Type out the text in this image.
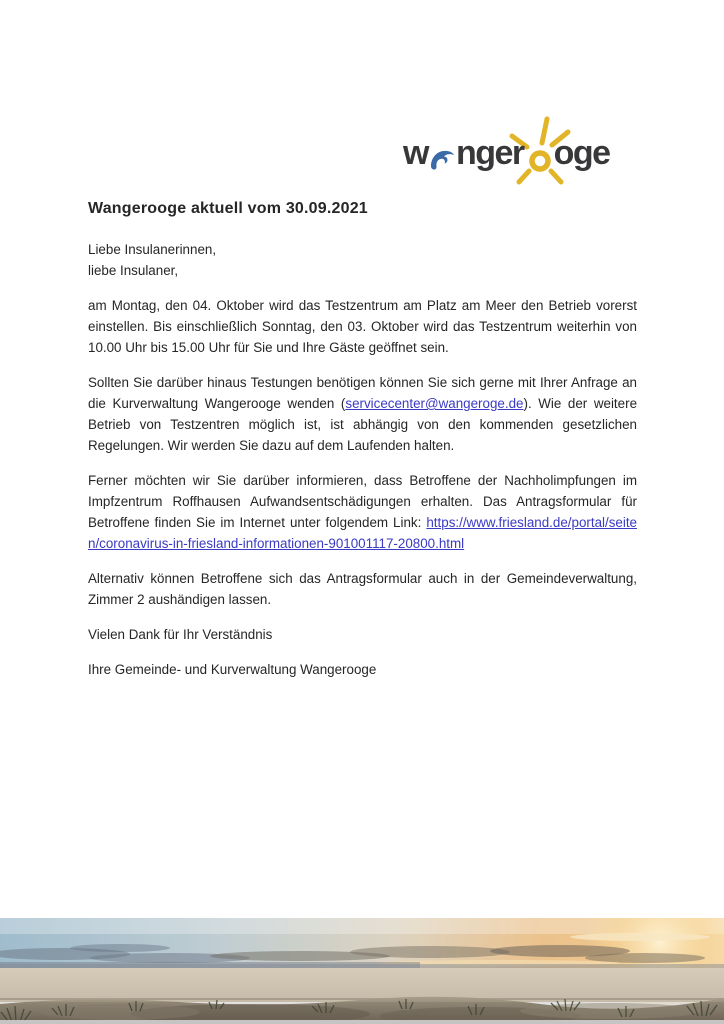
w nger oge
Wangerooge aktuell vom 30.09.2021

Liebe Insulanerinnen,

liebe Insulaner,

am Montag, den 04. Oktober wird das Testzentrum am Platz am Meer den Betrieb vorerst einstellen. Bis einschließlich Sonntag, den 03. Oktober wird das Testzentrum weiterhin von 10.00 Uhr bis 15.00 Uhr für Sie und Ihre Gäste geöffnet sein.

Sollten Sie darüber hinaus Testungen benötigen können Sie sich gerne mit Ihrer Anfrage an die Kurverwaltung Wangerooge wenden (servicecenter@wangeroge.de). Wie der weitere Betrieb von Testzentren möglich ist, ist abhängig von den kommenden gesetzlichen Regelungen. Wir werden Sie dazu auf dem Laufenden halten.

Ferner möchten wir Sie darüber informieren, dass Betroffene der Nachholimpfungen im Impfzentrum Roffhausen Aufwandsentschädigungen erhalten. Das Antragsformular für Betroffene finden Sie im Internet unter folgendem Link: https://www.friesland.de/portal/seiten/coronavirus-in-friesland-informationen-901001117-20800.html

Alternativ können Betroffene sich das Antragsformular auch in der Gemeindeverwaltung, Zimmer 2 aushändigen lassen.

Vielen Dank für Ihr Verständnis

Ihre Gemeinde- und Kurverwaltung Wangerooge
